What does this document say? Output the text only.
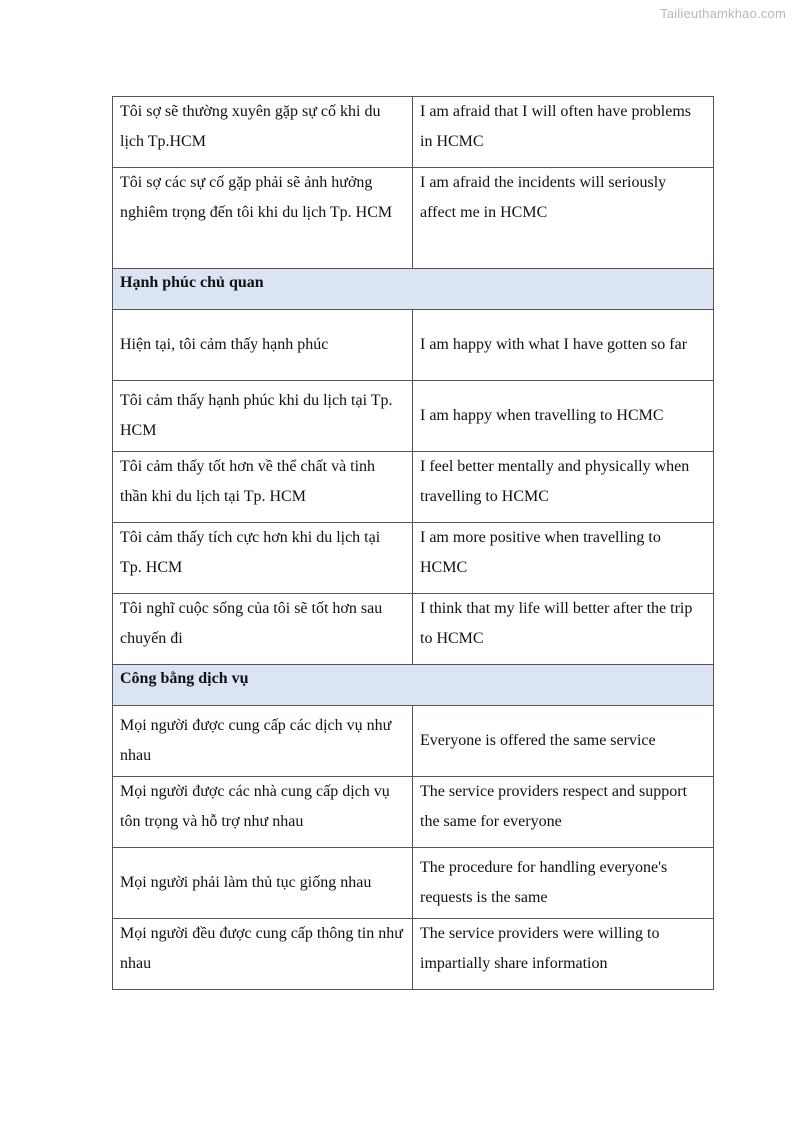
Tailieuthamkhao.com
Tôi sợ sẽ thường xuyên gặp sự cố khi du lịch Tp.HCM	I am afraid that I will often have problems in HCMC
Tôi sợ các sự cố gặp phải sẽ ảnh hưởng nghiêm trọng đến tôi khi du lịch Tp. HCM	I am afraid the incidents will seriously affect me in HCMC
Hạnh phúc chủ quan	
Hiện tại, tôi cảm thấy hạnh phúc	I am happy with what I have gotten so far
Tôi cảm thấy hạnh phúc khi du lịch tại Tp. HCM	I am happy when travelling to HCMC
Tôi cảm thấy tốt hơn về thể chất và tinh thần khi du lịch tại Tp. HCM	I feel better mentally and physically when travelling to HCMC
Tôi cảm thấy tích cực hơn khi du lịch tại Tp. HCM	I am more positive when travelling to HCMC
Tôi nghĩ cuộc sống của tôi sẽ tốt hơn sau chuyến đi	I think that my life will better after the trip to HCMC
Công bằng dịch vụ	
Mọi người được cung cấp các dịch vụ như nhau	Everyone is offered the same service
Mọi người được các nhà cung cấp dịch vụ tôn trọng và hỗ trợ như nhau	The service providers respect and support the same for everyone
Mọi người phải làm thủ tục giống nhau	The procedure for handling everyone's requests is the same
Mọi người đều được cung cấp thông tin như nhau	The service providers were willing to impartially share information
